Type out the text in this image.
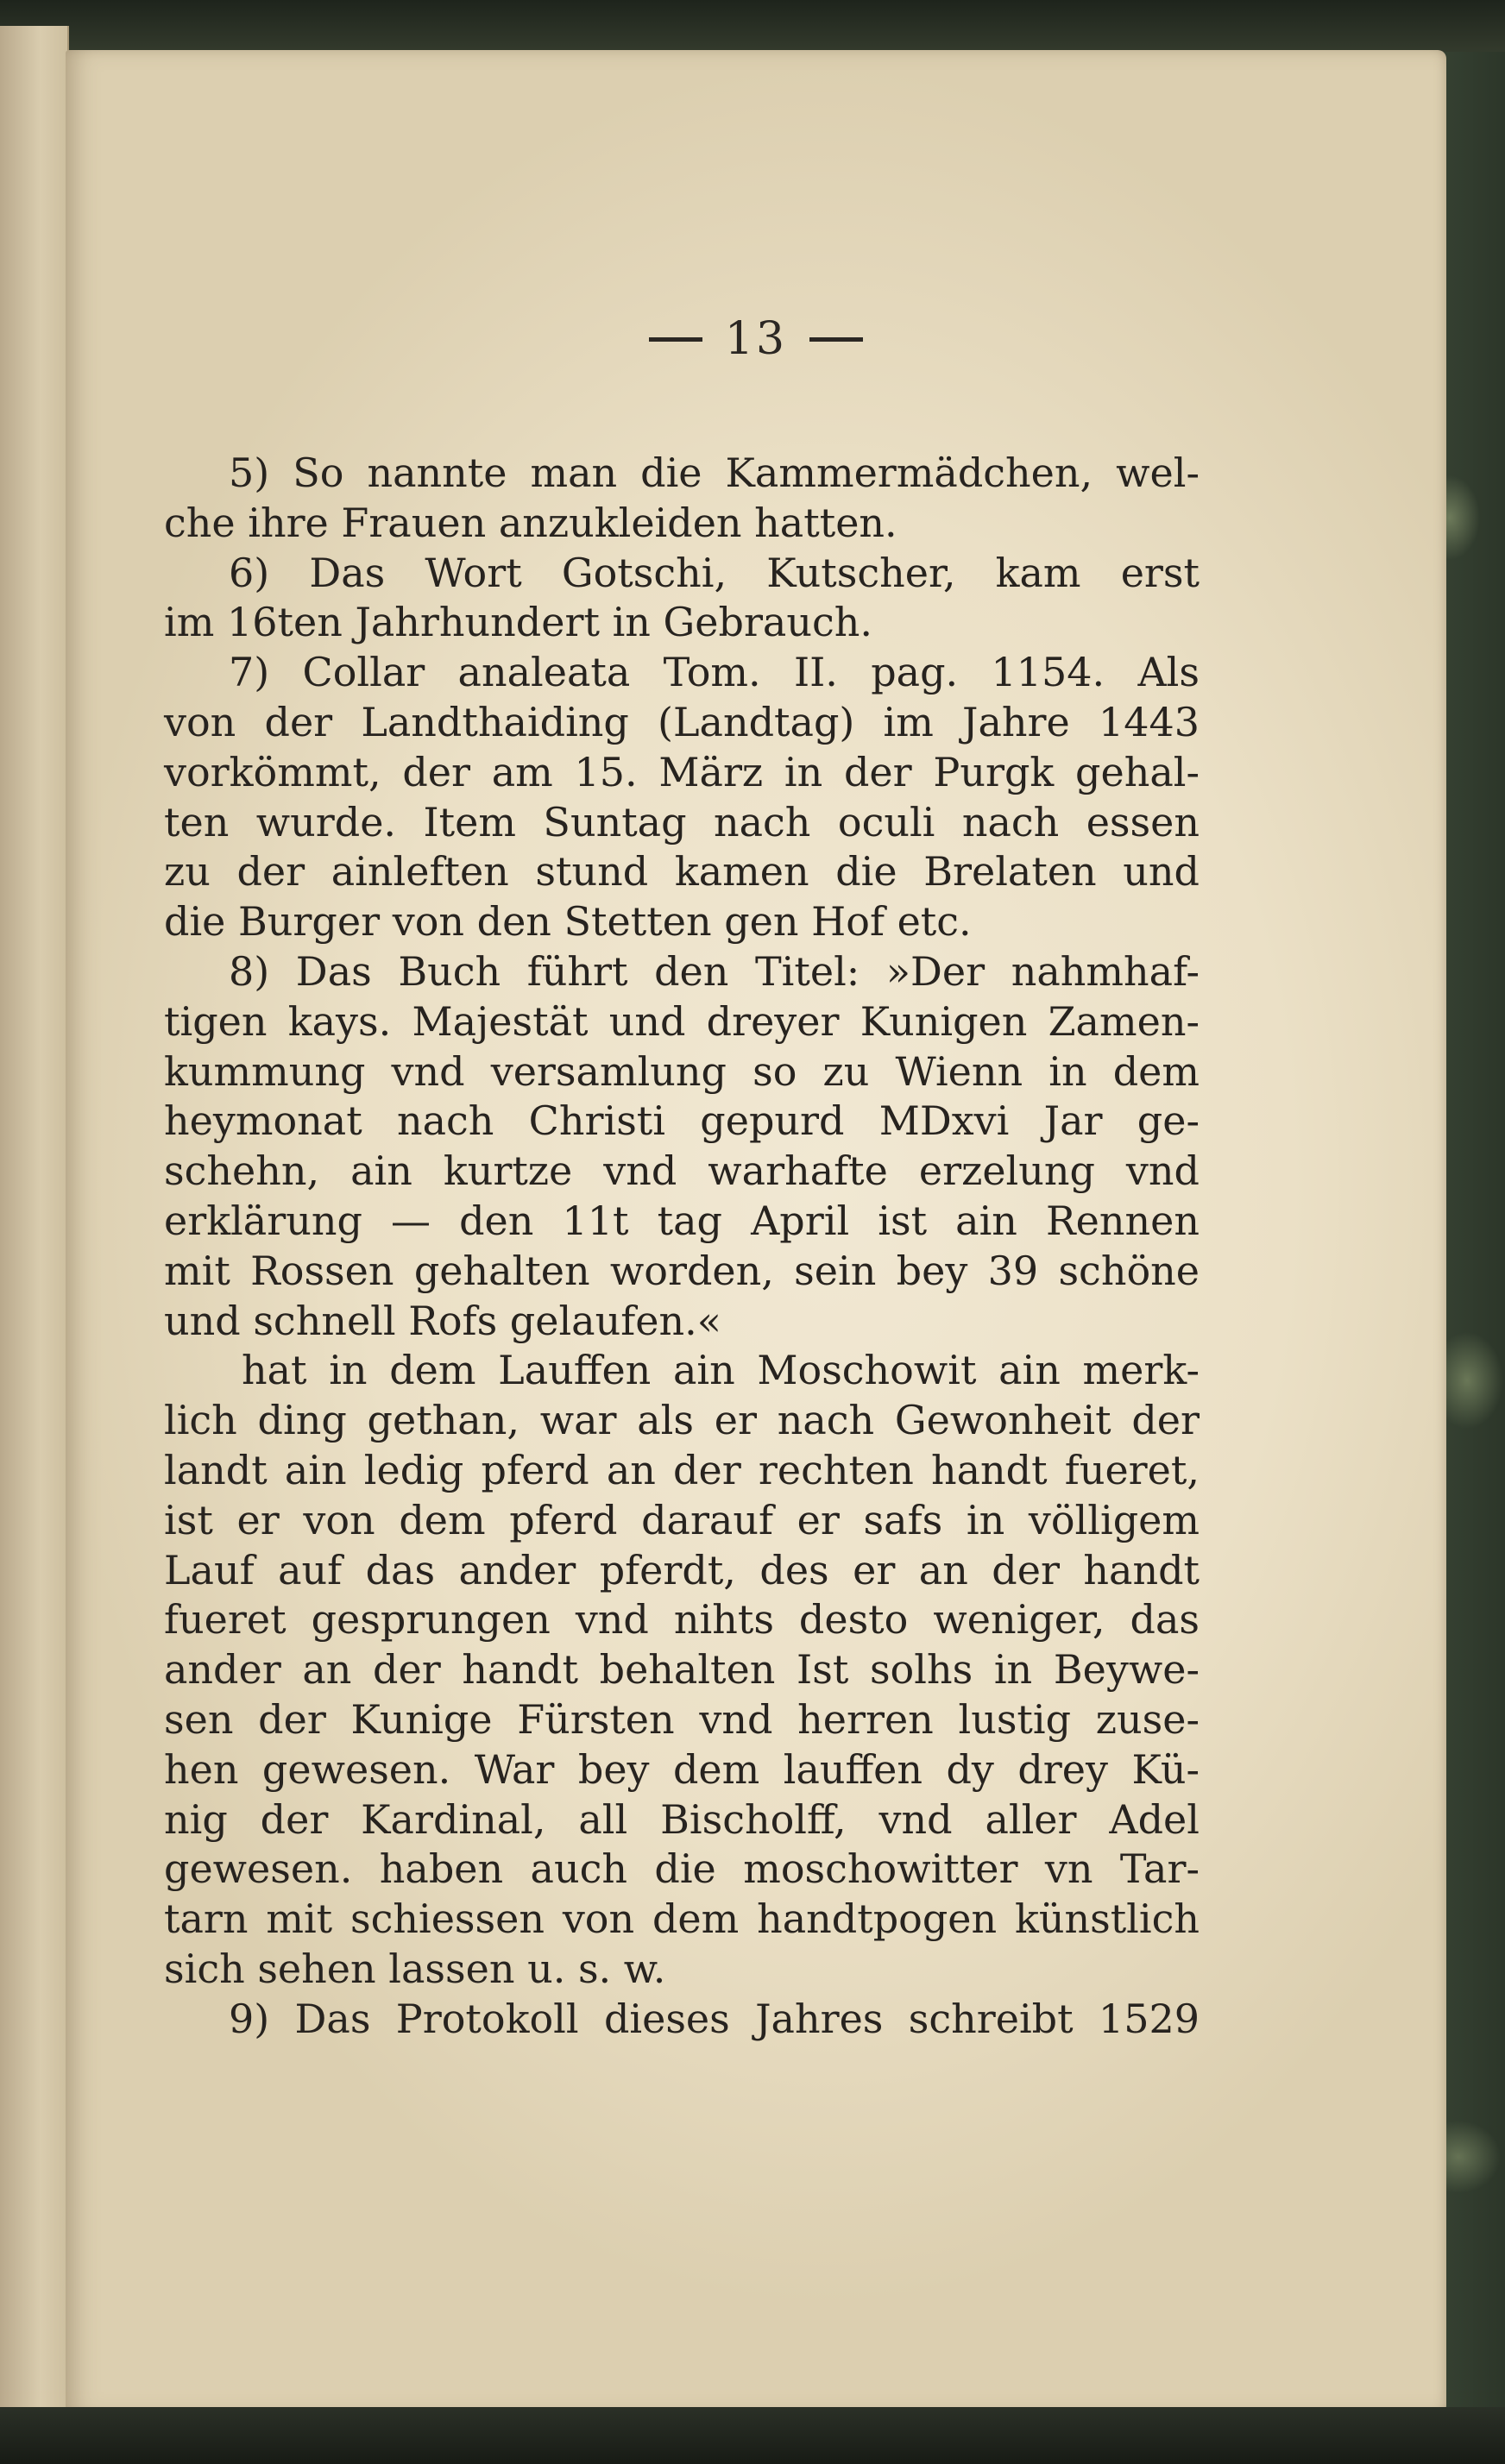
13
5) So nannte man die Kammermädchen, wel-
che ihre Frauen anzukleiden hatten.
6) Das Wort Gotschi, Kutscher, kam erst
im 16ten Jahrhundert in Gebrauch.
7) Collar analeata Tom. II. pag. 1154. Als
von der Landthaiding (Landtag) im Jahre 1443
vorkömmt, der am 15. März in der Purgk gehal-
ten wurde. Item Suntag nach oculi nach essen
zu der ainleften stund kamen die Brelaten und
die Burger von den Stetten gen Hof etc.
8) Das Buch führt den Titel: »Der nahmhaf-
tigen kays. Majestät und dreyer Kunigen Zamen-
kummung vnd versamlung so zu Wienn in dem
heymonat nach Christi gepurd MDxvi Jar ge-
schehn, ain kurtze vnd warhafte erzelung vnd
erklärung — den 11t tag April ist ain Rennen
mit Rossen gehalten worden, sein bey 39 schöne
und schnell Rofs gelaufen.«
hat in dem Lauffen ain Moschowit ain merk-
lich ding gethan, war als er nach Gewonheit der
landt ain ledig pferd an der rechten handt fueret,
ist er von dem pferd darauf er safs in völligem
Lauf auf das ander pferdt, des er an der handt
fueret gesprungen vnd nihts desto weniger, das
ander an der handt behalten Ist solhs in Beywe-
sen der Kunige Fürsten vnd herren lustig zuse-
hen gewesen. War bey dem lauffen dy drey Kü-
nig der Kardinal, all Bischolff, vnd aller Adel
gewesen. haben auch die moschowitter vn Tar-
tarn mit schiessen von dem handtpogen künstlich
sich sehen lassen u. s. w.
9) Das Protokoll dieses Jahres schreibt 1529
